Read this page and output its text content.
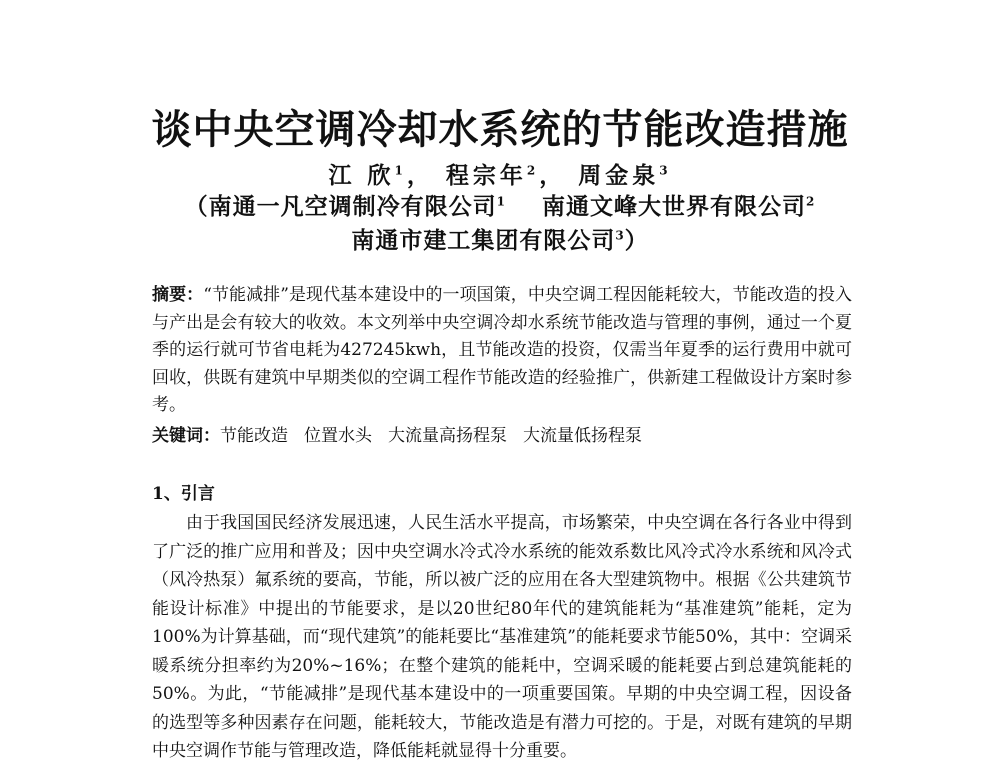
谈中央空调冷却水系统的节能改造措施
江 欣$^1$， 程宗年$^2$， 周金泉$^3$
（南通一凡空调制冷有限公司$^1$ 南通文峰大世界有限公司$^2$
南通市建工集团有限公司$^3$）

摘要：“节能减排”是现代基本建设中的一项国策，中央空调工程因能耗较大，节能改造的投入与产出是会有较大的收效。本文列举中央空调冷却水系统节能改造与管理的事例，通过一个夏季的运行就可节省电耗为427245kwh，且节能改造的投资，仅需当年夏季的运行费用中就可回收，供既有建筑中早期类似的空调工程作节能改造的经验推广，供新建工程做设计方案时参考。

关键词：节能改造 位置水头 大流量高扬程泵 大流量低扬程泵

1、引言

由于我国国民经济发展迅速，人民生活水平提高，市场繁荣，中央空调在各行各业中得到了广泛的推广应用和普及；因中央空调水冷式冷水系统的能效系数比风冷式冷水系统和风冷式（风冷热泵）氟系统的要高，节能，所以被广泛的应用在各大型建筑物中。根据《公共建筑节能设计标准》中提出的节能要求，是以20世纪80年代的建筑能耗为“基准建筑”能耗，定为100%为计算基础，而“现代建筑”的能耗要比“基准建筑”的能耗要求节能50%，其中：空调采暖系统分担率约为20%~16%；在整个建筑的能耗中，空调采暖的能耗要占到总建筑能耗的50%。为此，“节能减排”是现代基本建设中的一项重要国策。早期的中央空调工程，因设备的选型等多种因素存在问题，能耗较大，节能改造是有潜力可挖的。于是，对既有建筑的早期中央空调作节能与管理改造，降低能耗就显得十分重要。
